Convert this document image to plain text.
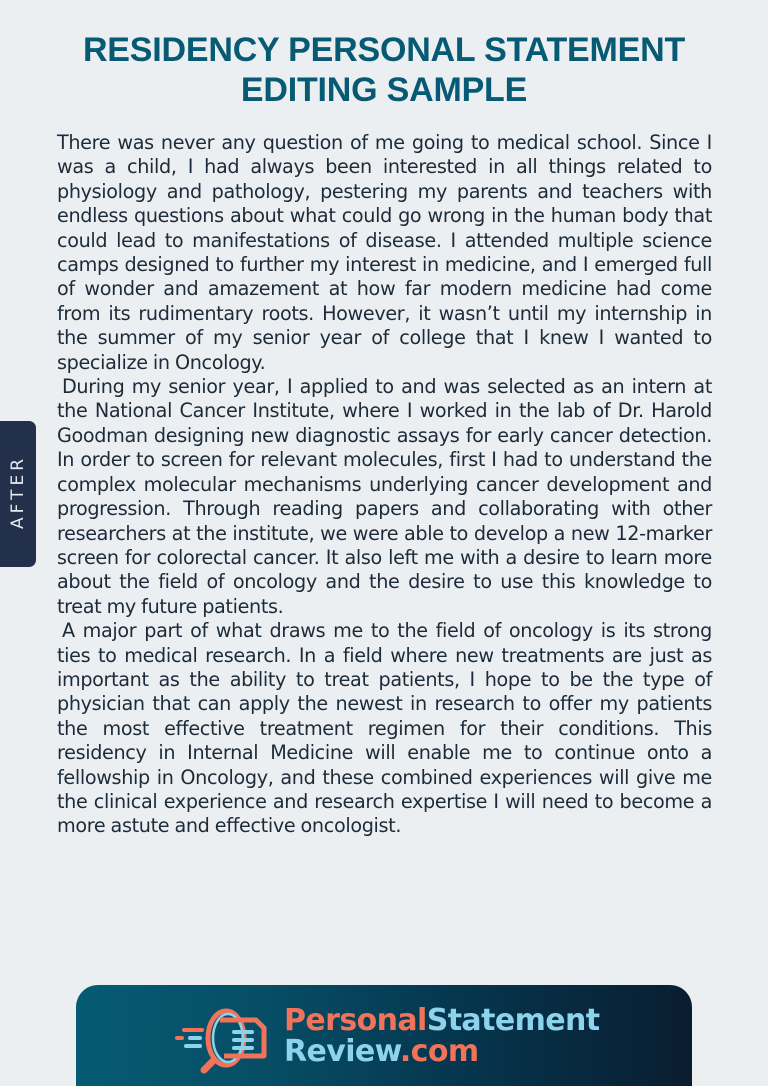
RESIDENCY PERSONAL STATEMENT
EDITING SAMPLE
AFTER

There was never any question of me going to medical school. Since I was a child, I had always been interested in all things related to physiology and pathology, pestering my parents and teachers with endless questions about what could go wrong in the human body that could lead to manifestations of disease. I attended multiple science camps designed to further my interest in medicine, and I emerged full of wonder and amazement at how far modern medicine had come from its rudimentary roots. However, it wasn’t until my internship in the summer of my senior year of college that I knew I wanted to specialize in Oncology.

During my senior year, I applied to and was selected as an intern at the National Cancer Institute, where I worked in the lab of Dr. Harold Goodman designing new diagnostic assays for early cancer detection. In order to screen for relevant molecules, first I had to understand the complex molecular mechanisms underlying cancer development and progression. Through reading papers and collaborating with other researchers at the institute, we were able to develop a new 12-marker screen for colorectal cancer. It also left me with a desire to learn more about the field of oncology and the desire to use this knowledge to treat my future patients.

A major part of what draws me to the field of oncology is its strong ties to medical research. In a field where new treatments are just as important as the ability to treat patients, I hope to be the type of physician that can apply the newest in research to offer my patients the most effective treatment regimen for their conditions. This residency in Internal Medicine will enable me to continue onto a fellowship in Oncology, and these combined experiences will give me the clinical experience and research expertise I will need to become a more astute and effective oncologist.

PersonalStatement
Review.com
